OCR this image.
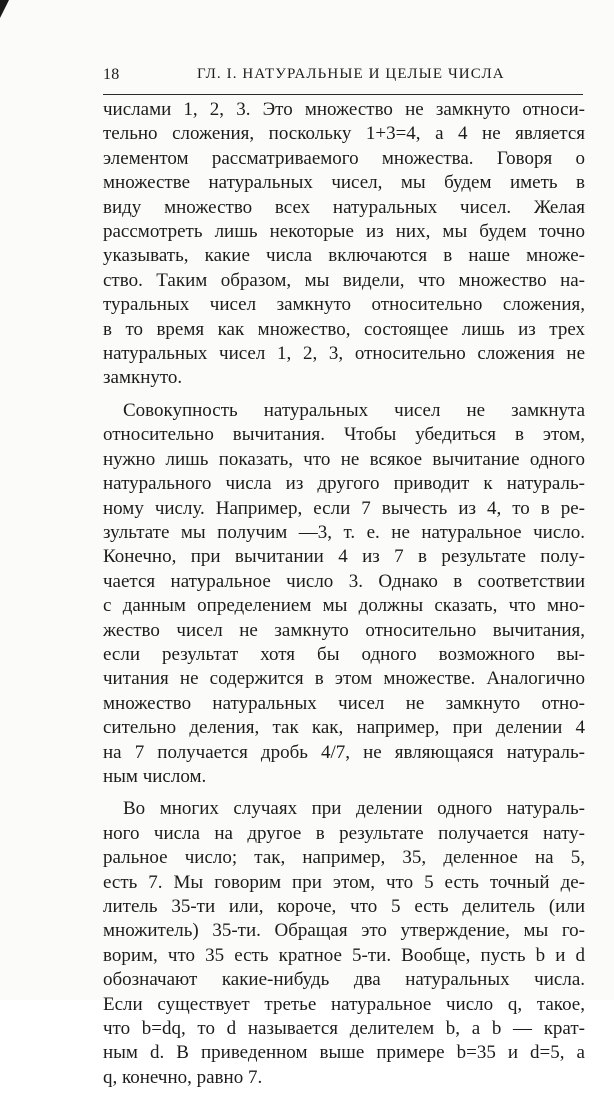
18	ГЛ. I. НАТУРАЛЬНЫЕ И ЦЕЛЫЕ ЧИСЛА
числами 1, 2, 3. Это множество не замкнуто относи-
тельно сложения, поскольку 1+3=4, а 4 не является
элементом рассматриваемого множества. Говоря о
множестве натуральных чисел, мы будем иметь в
виду множество всех натуральных чисел. Желая
рассмотреть лишь некоторые из них, мы будем точно
указывать, какие числа включаются в наше множе-
ство. Таким образом, мы видели, что множество на-
туральных чисел замкнуто относительно сложения,
в то время как множество, состоящее лишь из трех
натуральных чисел 1, 2, 3, относительно сложения не
замкнуто.
Совокупность натуральных чисел не замкнута
относительно вычитания. Чтобы убедиться в этом,
нужно лишь показать, что не всякое вычитание одного
натурального числа из другого приводит к натураль-
ному числу. Например, если 7 вычесть из 4, то в ре-
зультате мы получим —3, т. е. не натуральное число.
Конечно, при вычитании 4 из 7 в результате полу-
чается натуральное число 3. Однако в соответствии
с данным определением мы должны сказать, что мно-
жество чисел не замкнуто относительно вычитания,
если результат хотя бы одного возможного вы-
читания не содержится в этом множестве. Аналогично
множество натуральных чисел не замкнуто отно-
сительно деления, так как, например, при делении 4
на 7 получается дробь 4/7, не являющаяся натураль-
ным числом.
Во многих случаях при делении одного натураль-
ного числа на другое в результате получается нату-
ральное число; так, например, 35, деленное на 5,
есть 7. Мы говорим при этом, что 5 есть точный де-
литель 35-ти или, короче, что 5 есть делитель (или
множитель) 35-ти. Обращая это утверждение, мы го-
ворим, что 35 есть кратное 5-ти. Вообще, пусть b и d
обозначают какие-нибудь два натуральных числа.
Если существует третье натуральное число q, такое,
что b=dq, то d называется делителем b, а b — крат-
ным d. В приведенном выше примере b=35 и d=5, а
q, конечно, равно 7.
